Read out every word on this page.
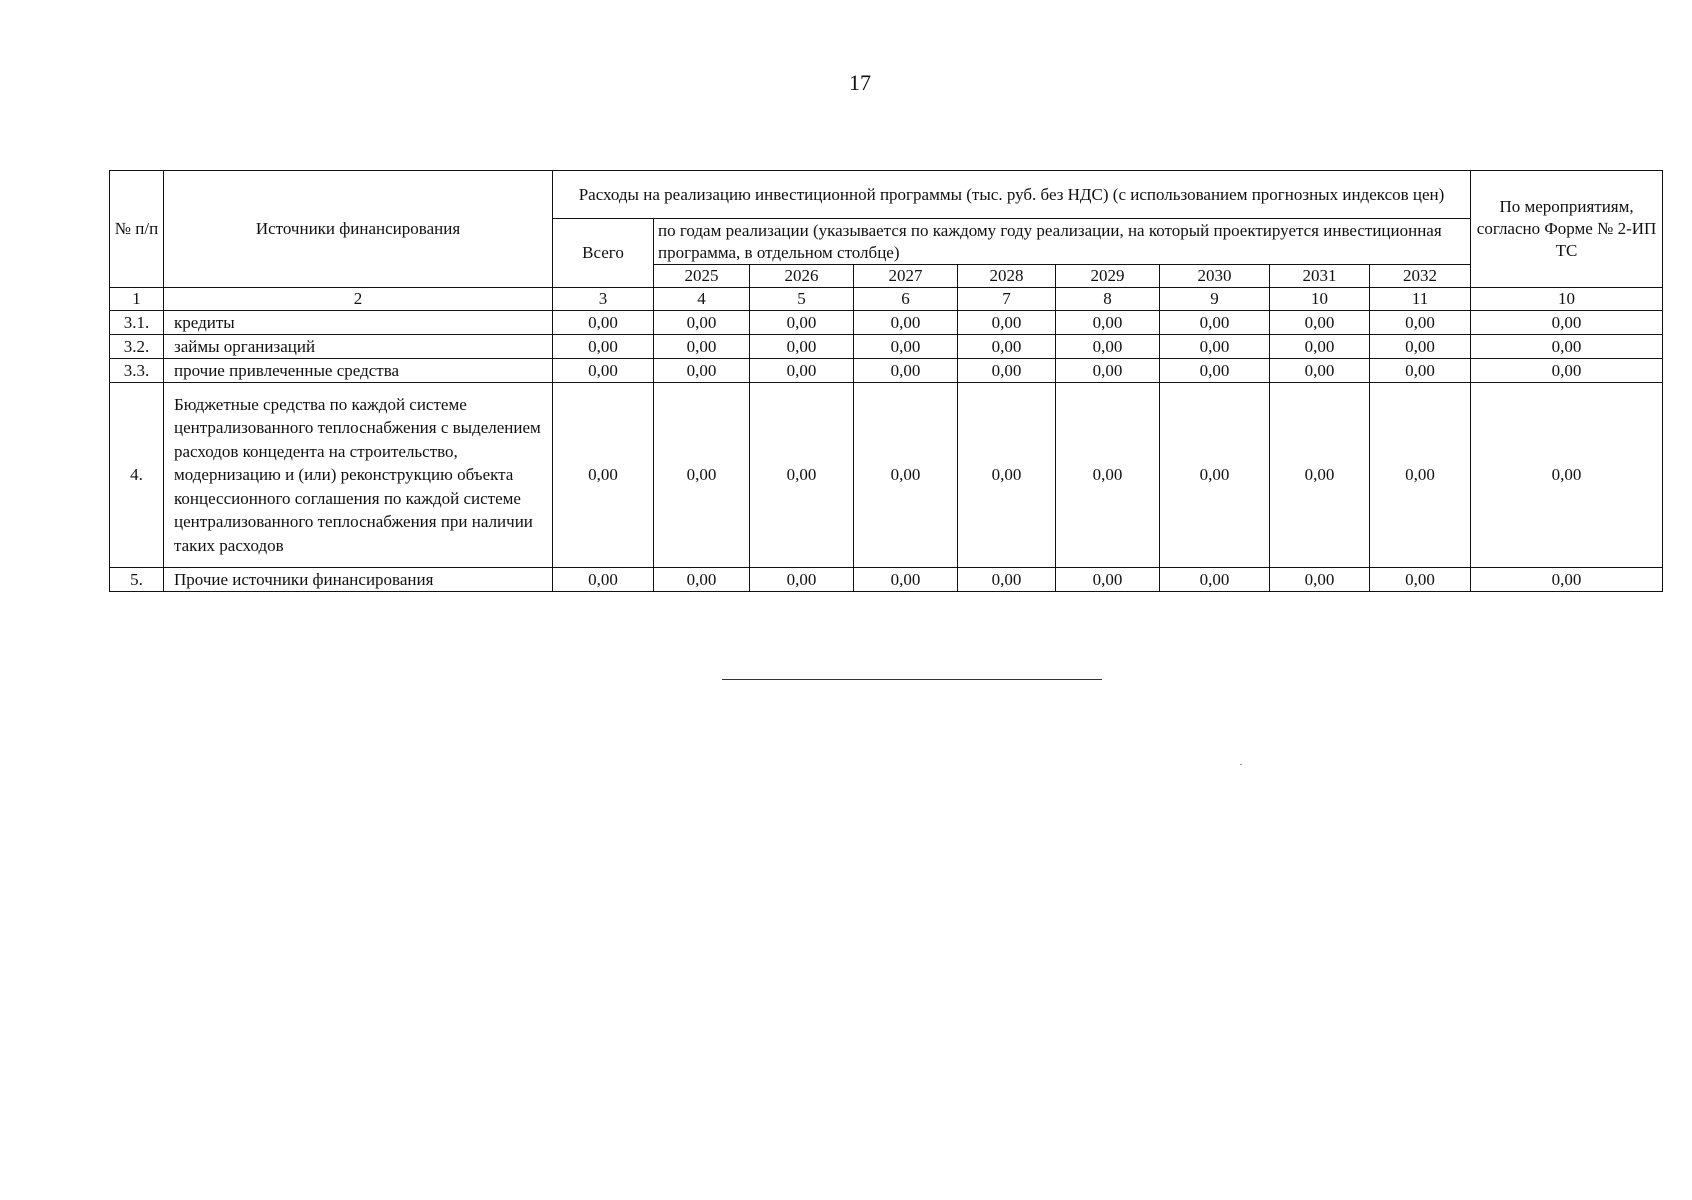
17
№ п/п	Источники финансирования	Расходы на реализацию инвестиционной программы (тыс. руб. без НДС) (с использованием прогнозных индексов цен)									По мероприятиям, согласно Форме № 2-ИП ТС
		Всего	по годам реализации (указывается по каждому году реализации, на который проектируется инвестиционная программа, в отдельном столбце)								
			2025	2026	2027	2028	2029	2030	2031	2032	
1	2	3	4	5	6	7	8	9	10	11	10
3.1.	кредиты	0,00	0,00	0,00	0,00	0,00	0,00	0,00	0,00	0,00	0,00
3.2.	займы организаций	0,00	0,00	0,00	0,00	0,00	0,00	0,00	0,00	0,00	0,00
3.3.	прочие привлеченные средства	0,00	0,00	0,00	0,00	0,00	0,00	0,00	0,00	0,00	0,00
4.	Бюджетные средства по каждой системе централизованного теплоснабжения с выделением расходов концедента на строительство, модернизацию и (или) реконструкцию объекта концессионного соглашения по каждой системе централизованного теплоснабжения при наличии таких расходов	0,00	0,00	0,00	0,00	0,00	0,00	0,00	0,00	0,00	0,00
5.	Прочие источники финансирования	0,00	0,00	0,00	0,00	0,00	0,00	0,00	0,00	0,00	0,00
